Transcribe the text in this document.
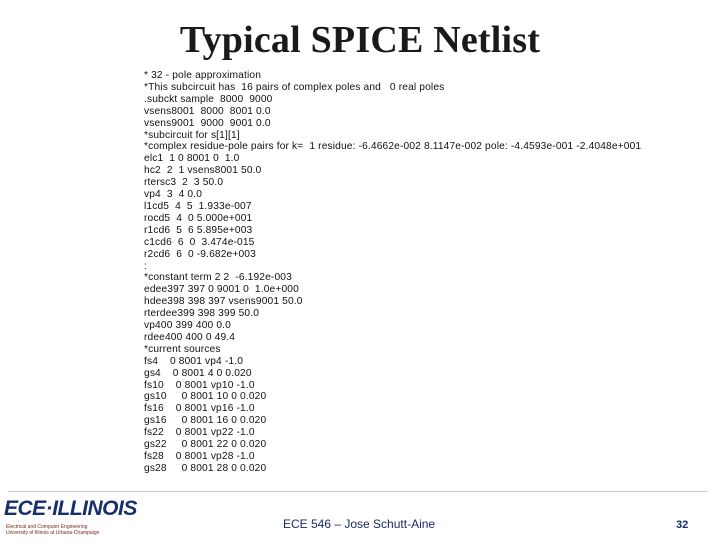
Typical SPICE Netlist
* 32 - pole approximation
*This subcircuit has  16 pairs of complex poles and   0 real poles
.subckt sample  8000  9000
vsens8001  8000  8001 0.0
vsens9001  9000  9001 0.0
*subcircuit for s[1][1]
*complex residue-pole pairs for k=  1 residue: -6.4662e-002 8.1147e-002 pole: -4.4593e-001 -2.4048e+001
elc1  1 0 8001 0  1.0
hc2  2  1 vsens8001 50.0
rtersc3  2  3 50.0
vp4  3  4 0.0
l1cd5  4  5  1.933e-007
rocd5  4  0 5.000e+001
r1cd6  5  6 5.895e+003
c1cd6  6  0  3.474e-015
r2cd6  6  0 -9.682e+003
:
*constant term 2 2  -6.192e-003
edee397 397 0 9001 0  1.0e+000
hdee398 398 397 vsens9001 50.0
rterdee399 398 399 50.0
vp400 399 400 0.0
rdee400 400 0 49.4
*current sources
fs4    0 8001 vp4 -1.0
gs4    0 8001 4 0 0.020
fs10    0 8001 vp10 -1.0
gs10     0 8001 10 0 0.020
fs16    0 8001 vp16 -1.0
gs16     0 8001 16 0 0.020
fs22    0 8001 vp22 -1.0
gs22     0 8001 22 0 0.020
fs28    0 8001 vp28 -1.0
gs28     0 8001 28 0 0.020
ECE·ILLINOIS
Electrical and Computer Engineering
University of Illinois at Urbana-Champaign
ECE 546 – Jose Schutt-Aine	32
